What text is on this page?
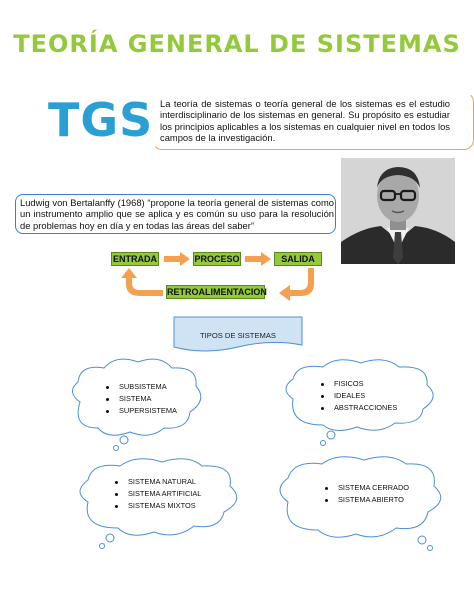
TEORÍA GENERAL DE SISTEMAS
TGS La teoría de sistemas o teoría general de los sistemas es el estudio interdisciplinario de los sistemas en general. Su propósito es estudiar los principios aplicables a los sistemas en cualquier nivel en todos los campos de la investigación.
Ludwig von Bertalanffy (1968) “propone la teoría general de sistemas como un instrumento amplio que se aplica y es común su uso para la resolución de problemas hoy en día y en todas las áreas del saber”
ENTRADA	PROCESO	SALIDA
RETROALIMENTACION
TIPOS DE SISTEMAS
SUBSISTEMA
SISTEMA
SUPERSISTEMA
FISICOS
IDEALES
ABSTRACCIONES
SISTEMA NATURAL
SISTEMA ARTIFICIAL
SISTEMAS MIXTOS
SISTEMA CERRADO
SISTEMA ABIERTO
